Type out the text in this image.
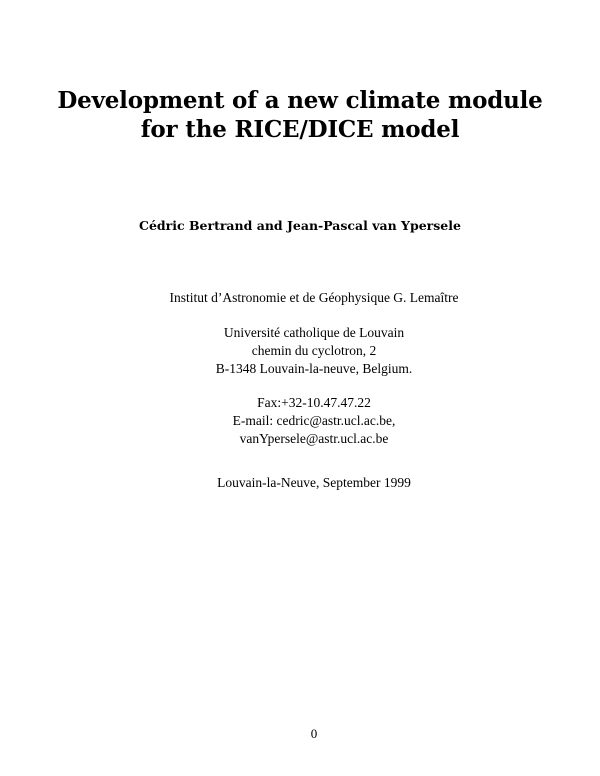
Development of a new climate module
for the RICE/DICE model
Cédric Bertrand and Jean-Pascal van Ypersele
Institut d’Astronomie et de Géophysique G. Lemaître
Université catholique de Louvain
chemin du cyclotron, 2
B-1348 Louvain-la-neuve, Belgium.
Fax:+32-10.47.47.22
E-mail: cedric@astr.ucl.ac.be,
vanYpersele@astr.ucl.ac.be
Louvain-la-Neuve, September 1999
0
